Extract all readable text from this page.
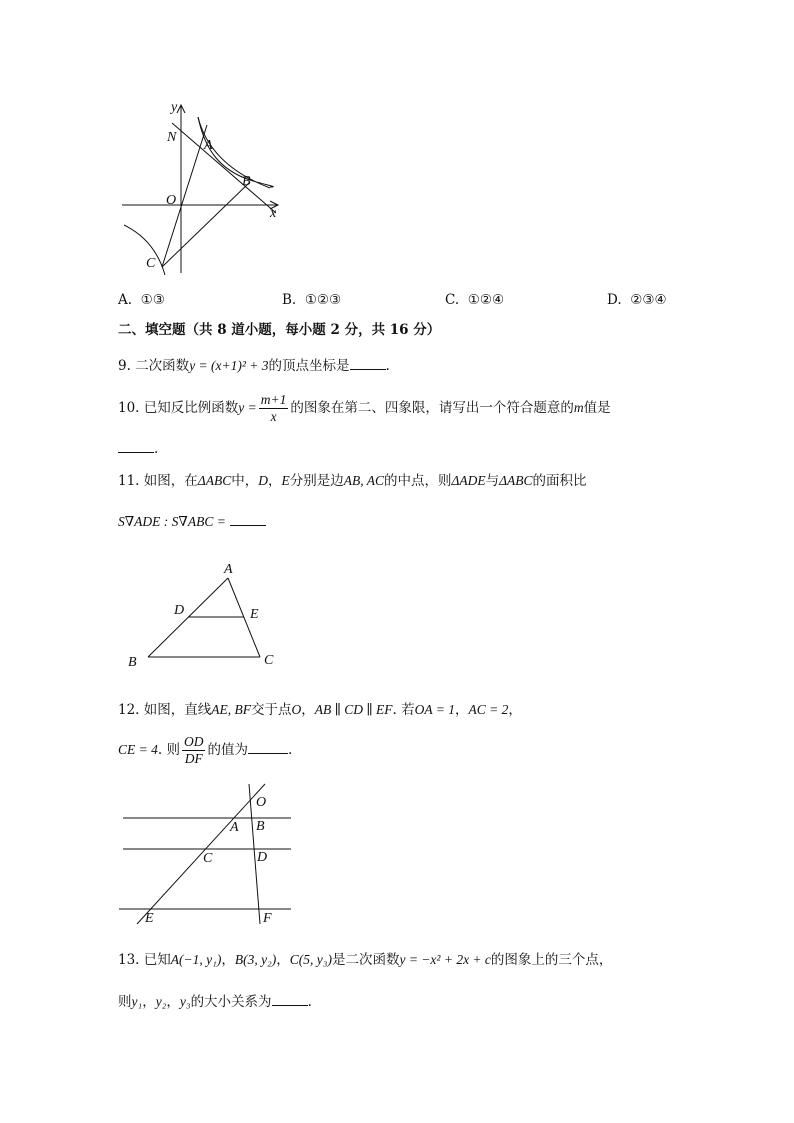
y
x
N
A
B
O
C
A. ①③	B. ①②③	C. ①②④	D. ②③④
二、填空题（共 8 道小题，每小题 2 分，共 16 分）
9. 二次函数y = (x+1)² + 3的顶点坐标是	.
10. 已知反比例函数$y = \frac{m+1}{x}$ 的图象在第二、四象限，请写出一个符合题意的m值是
.
11. 如图，在ΔABC中，D，E分别是边AB, AC的中点，则ΔADE与ΔABC的面积比
S∇ADE : S∇ABC =
A
D	E
B	C
12. 如图，直线AE, BF交于点O，AB ∥ CD ∥ EF. 若OA = 1，AC = 2，
CE = 4. 则 $\frac{OD}{DF}$ 的值为	.
O
A B
C	D
E	F
13. 已知A(−1, y₁)，B(3, y₂)，C(5, y₃)是二次函数y = −x² + 2x + c的图象上的三个点，
则y₁，y₂，y₃的大小关系为	.
